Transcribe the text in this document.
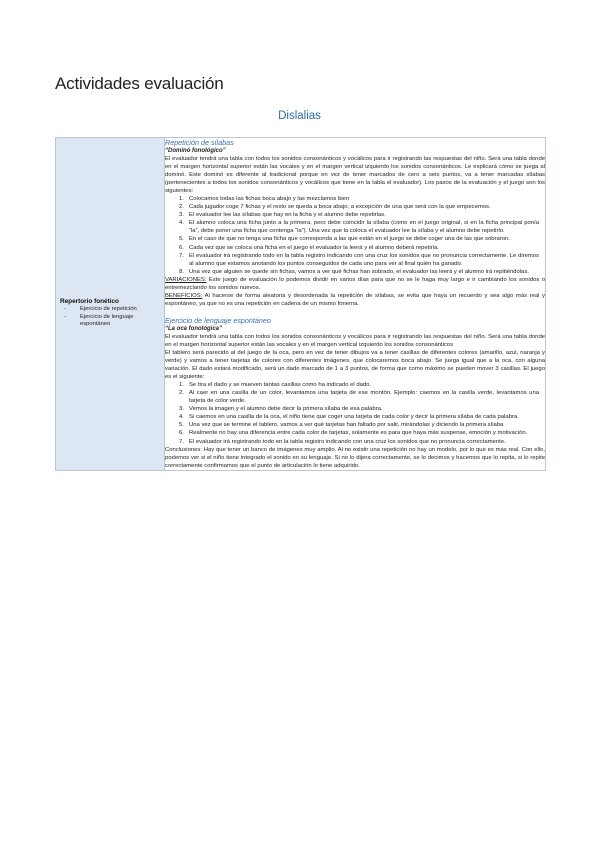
Actividades evaluación
Dislalias
Repertorio fonético
- Ejercicio de repetición
- Ejercicio de lenguaje espontáneo

Repetición de sílabas
“Dominó fonológico”

El evaluador tendrá una tabla con todos los sonidos consonánticos y vocálicos para ir registrando las respuestas del niño. Será una tabla donde en el margen horizontal superior están las vocales y en el margen vertical izquierdo los sonidos consonánticos. Le explicará cómo se juega al dominó. Este dominó es diferente al tradicional porque en vez de tener marcados de cero a seis puntos, va a tener marcadas sílabas (pertenecientes a todos los sonidos consonánticos y vocálicos que tiene en la tabla el evaluador). Los pasos de la evaluación y el juego son los siguientes:

1. Colocamos todas las fichas boca abajo y las mezclamos bien
2. Cada jugador coge 7 fichas y el resto se queda a boca abajo, a excepción de una que será con la que empecemos.
3. El evaluador lee las sílabas que hay en la ficha y el alumno debe repetirlas.
4. El alumno coloca una ficha junto a la primera, pero debe coincidir la sílaba (como en el juego original, si en la ficha principal ponía “la”, debe poner una ficha que contenga “la”). Una vez que la coloca el evaluador lee la sílaba y el alumno debe repetirlo.
5. En el caso de que no tenga una ficha que corresponda a las que están en el juego se debe coger una de las que sobraron.
6. Cada vez que se coloca una ficha en el juego el evaluador la leerá y el alumno deberá repetirla.
7. El evaluador irá registrando todo en la tabla registro indicando con una cruz los sonidos que no pronuncia correctamente. Le diremos al alumno que estamos anotando los puntos conseguidos de cada uno para ver al final quién ha ganado.
8. Una vez que alguien se quede sin fichas, vamos a ver qué fichas han sobrado, el evaluador las leerá y el alumno irá repitiéndolas.

VARIACIONES: Este juego de evaluación lo podemos dividir en varios días para que no se le haga muy largo e ir cambiando los sonidos o entremezclando los sonidos nuevos.

BENEFICIOS: Al hacerse de forma aleatoria y desordenada la repetición de sílabas, se evita que haya un recuerdo y sea algo más real y espontáneo, ya que no es una repetición en cadena de un mismo fonema.

Ejercicio de lenguaje espontáneo
“La oca fonológica”

El evaluador tendrá una tabla con todos los sonidos consonánticos y vocálicos para ir registrando las respuestas del niño. Será una tabla donde en el margen horizontal superior están las vocales y en el margen vertical izquierdo los sonidos consonánticos

El tablero será parecido al del juego de la oca, pero en vez de tener dibujos va a tener casillas de diferentes colores (amarillo, azul, naranja y verde) y vamos a tener tarjetas de colores con diferentes imágenes, que colocaremos boca abajo. Se juega igual que a la oca, con alguna variación. El dado estará modificado, será un dado marcado de 1 a 3 puntos, de forma que como máximo se pueden mover 3 casillas. El juego es el siguiente:

1. Se tira el dado y se mueven tantas casillas como ha indicado el dado.
2. Al caer en una casilla de un color, levantamos una tarjeta de ese montón. Ejemplo: caemos en la casilla verde, levantamos una tarjeta de color verde.
3. Vemos la imagen y el alumno debe decir la primera sílaba de esa palabra.
4. Si caemos en una casilla de la oca, el niño tiene que coger una tarjeta de cada color y decir la primera sílaba de cada palabra.
5. Una vez que se termine el tablero, vamos a ver qué tarjetas han faltado por salir, mirándolas y diciendo la primera sílaba
6. Realmente no hay una diferencia entre cada color de tarjetas, solamente es para que haya más suspense, emoción y motivación.
7. El evaluador irá registrando todo en la tabla registro indicando con una cruz los sonidos que no pronuncia correctamente.

Conclusiones: Hay que tener un banco de imágenes muy amplio. Al no existir una repetición no hay un modelo, por lo que es más real. Con ello, podemos ver si el niño tiene integrado el sonido en su lenguaje. Si no lo dijera correctamente, se lo decimos y hacemos que lo repita, si lo repite correctamente confirmamos que el punto de articulación lo tiene adquirido.
